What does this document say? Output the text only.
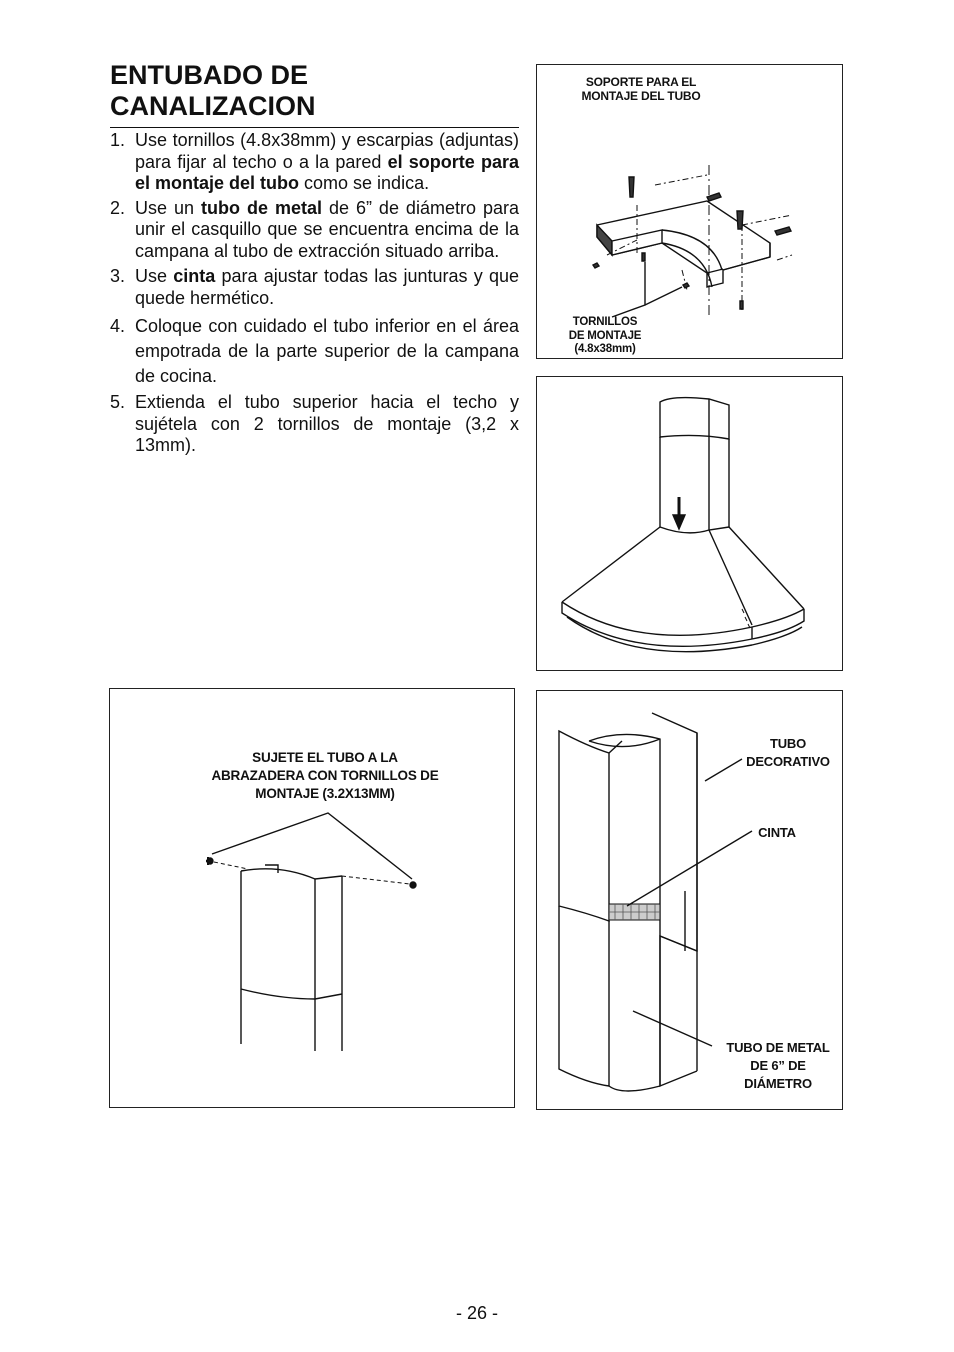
ENTUBADO DE
CANALIZACION
1. Use tornillos (4.8x38mm) y escarpias (adjuntas) para fijar al techo o a la pared el soporte para el montaje del tubo como se indica.
2. Use un tubo de metal de 6” de diámetro para unir el casquillo que se encuentra encima de la campana al tubo de extracción situado arriba.
3. Use cinta para ajustar todas las junturas y que quede hermético.
4. Coloque con cuidado el tubo inferior en el área empotrada de la parte superior de la campana de cocina.
5. Extienda el tubo superior hacia el techo y sujétela con 2 tornillos de montaje (3,2 x 13mm).
SOPORTE PARA EL
MONTAJE DEL TUBO
TORNILLOS
DE MONTAJE
(4.8x38mm)
SUJETE EL TUBO A LA
ABRAZADERA CON TORNILLOS DE
MONTAJE (3.2X13MM)
TUBO
DECORATIVO
CINTA
TUBO DE METAL
DE 6” DE
DIÁMETRO
- 26 -
